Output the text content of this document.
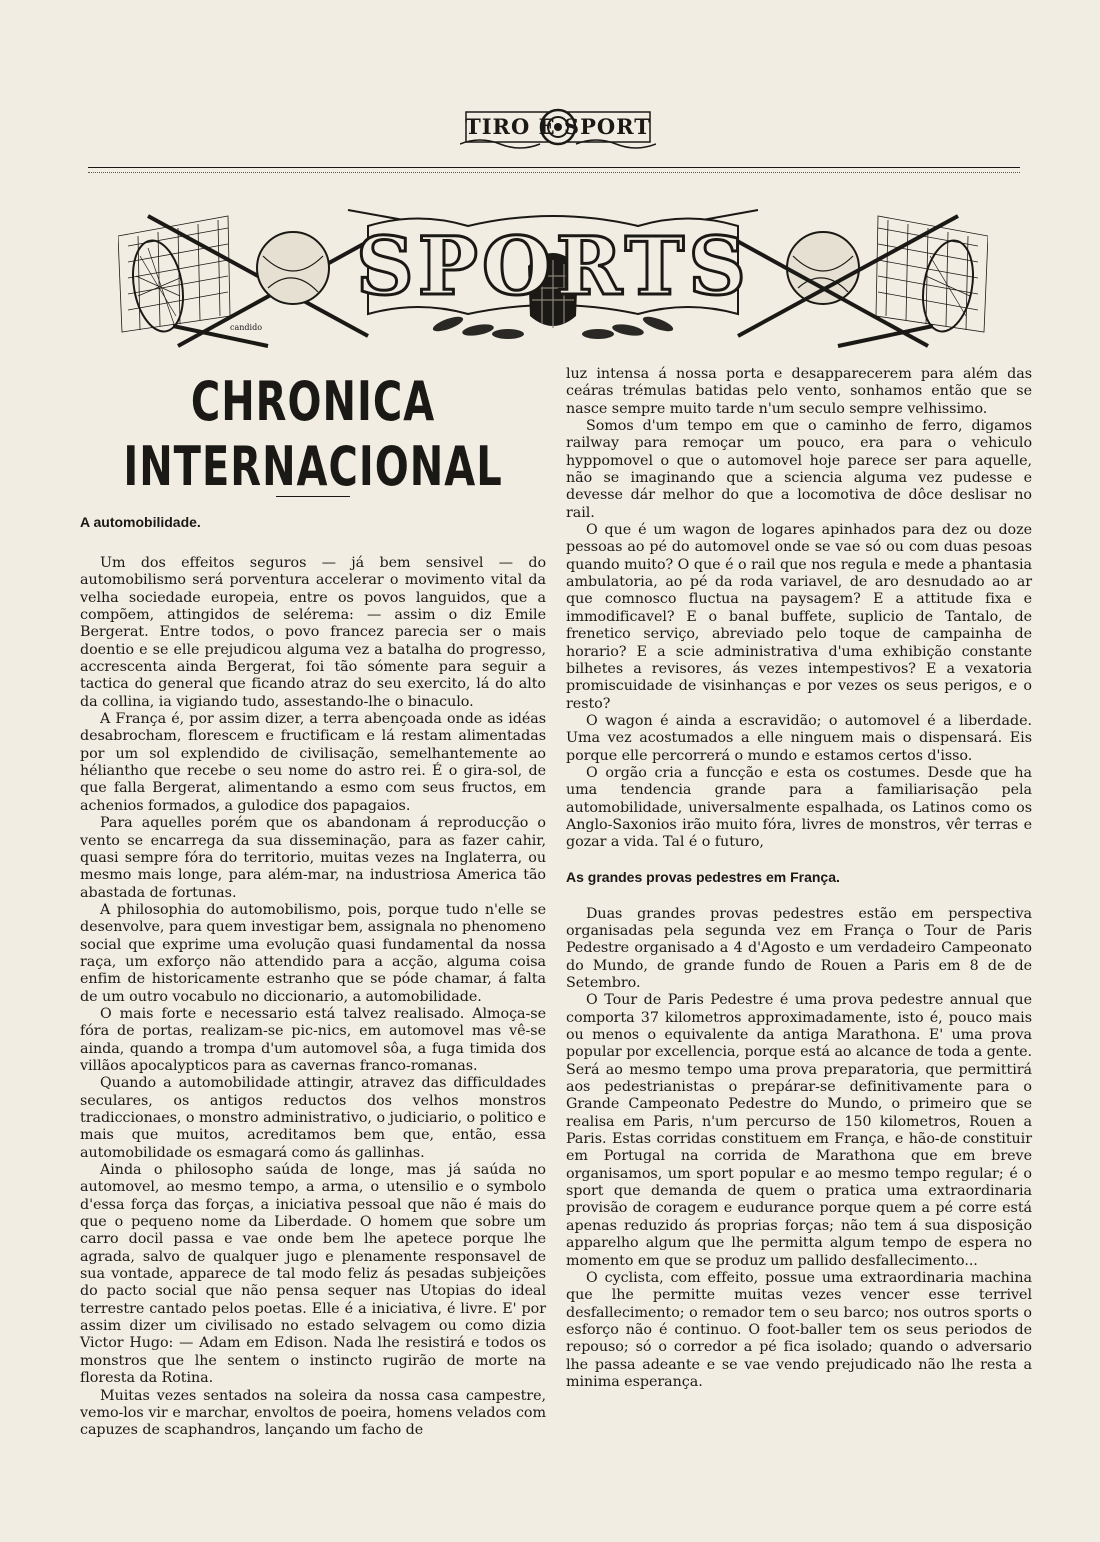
TIRO E SPORT
SPORTS
candido
CHRONICA INTERNACIONAL
A automobilidade.

Um dos effeitos seguros — já bem sensivel — do automobilismo será porventura accelerar o movimento vital da velha sociedade europeia, entre os povos languidos, que a compõem, attingidos de selérema: — assim o diz Emile Bergerat. Entre todos, o povo francez parecia ser o mais doentio e se elle prejudicou alguma vez a batalha do progresso, accrescenta ainda Bergerat, foi tão sómente para seguir a tactica do general que ficando atraz do seu exercito, lá do alto da collina, ia vigiando tudo, assestando-lhe o binaculo.

A França é, por assim dizer, a terra abençoada onde as idéas desabrocham, florescem e fructificam e lá restam alimentadas por um sol explendido de civilisação, semelhantemente ao hélianthо que recebe o seu nome do astro rei. É o gira-sol, de que falla Bergerat, alimentando a esmo com seus fructos, em achenios formados, a gulodice dos papagaios.

Para aquelles porém que os abandonam á reproducção o vento se encarrega da sua disseminação, para as fazer cahir, quasi sempre fóra do territorio, muitas vezes na Inglaterra, ou mesmo mais longe, para além-mar, na industriosa America tão abastada de fortunas.

A philosophia do automobilismo, pois, porque tudo n'elle se desenvolve, para quem investigar bem, assignala no phenomeno social que exprime uma evolução quasi fundamental da nossa raça, um exforço não attendido para a acção, alguma coisa enfim de historicamente estranho que se póde chamar, á falta de um outro vocabulo no diccionario, a automobilidade.

O mais forte e necessario está talvez realisado. Almoça-se fóra de portas, realizam-se pic-nics, em automovel mas vê-se ainda, quando a trompa d'um automovel sôa, a fuga timida dos villãos apocalypticos para as cavernas franco-romanas.

Quando a automobilidade attingir, atravez das difficuldades seculares, os antigos reductos dos velhos monstros tradiccionaes, o monstro administrativo, o judiciario, o politico e mais que muitos, acreditamos bem que, então, essa automobilidade os esmagará como ás gallinhas.

Ainda o philosopho saúda de longe, mas já saúda no automovel, ao mesmo tempo, a arma, o utensilio e o symbolo d'essa força das forças, a iniciativa pessoal que não é mais do que o pequeno nome da Liberdade. O homem que sobre um carro docil passa e vae onde bem lhe apetece porque lhe agrada, salvo de qualquer jugo e plenamente responsavel de sua vontade, apparece de tal modo feliz ás pesadas subjeições do pacto social que não pensa sequer nas Utopias do ideal terrestre cantado pelos poetas. Elle é a iniciativa, é livre. E' por assim dizer um civilisado no estado selvagem ou como dizia Victor Hugo: — Adam em Edison. Nada lhe resistirá e todos os monstros que lhe sentem o instincto rugirão de morte na floresta da Rotina.

Muitas vezes sentados na soleira da nossa casa campestre, vemo-los vir e marchar, envoltos de poeira, homens velados com capuzes de scaphandros, lançando um facho de

luz intensa á nossa porta e desapparecerem para além das ceáras trémulas batidas pelo vento, sonhamos então que se nasce sempre muito tarde n'um seculo sempre velhissimo.

Somos d'um tempo em que o caminho de ferro, digamos railway para remoçar um pouco, era para o vehiculo hyppomovel o que o automovel hoje parece ser para aquelle, não se imaginando que a sciencia alguma vez pudesse e devesse dár melhor do que a locomotiva de dôce deslisar no rail.

O que é um wagon de logares apinhados para dez ou doze pessoas ao pé do automovel onde se vae só ou com duas pesoas quando muito? O que é o rail que nos regula e mede a phantasia ambulatoria, ao pé da roda variavel, de aro desnudado ao ar que comnosco fluctua na paysagem? E a attitude fixa e immodificavel? E o banal buffete, suplicio de Tantalo, de frenetico serviço, abreviado pelo toque de campainha de horario? E a scie administrativa d'uma exhibição constante bilhetes a revisores, ás vezes intempestivos? E a vexatoria promiscuidade de visinhanças e por vezes os seus perigos, e o resto?

O wagon é ainda a escravidão; o automovel é a liberdade. Uma vez acostumados a elle ninguem mais o dispensará. Eis porque elle percorrerá o mundo e estamos certos d'isso.

O orgão cria a funcção e esta os costumes. Desde que ha uma tendencia grande para a familiarisação pela automobilidade, universalmente espalhada, os Latinos como os Anglo-Saxonios irão muito fóra, livres de monstros, vêr terras e gozar a vida. Tal é o futuro,

As grandes provas pedestres em França.

Duas grandes provas pedestres estão em perspectiva organisadas pela segunda vez em França o Tour de Paris Pedestre organisado a 4 d'Agosto e um verdadeiro Campeonato do Mundo, de grande fundo de Rouen a Paris em 8 de de Setembro.

O Tour de Paris Pedestre é uma prova pedestre annual que comporta 37 kilometros approximadamente, isto é, pouco mais ou menos o equivalente da antiga Marathona. E' uma prova popular por excellencia, porque está ao alcance de toda a gente. Será ao mesmo tempo uma prova preparatoria, que permittirá aos pedestrianistas o prepárar-se definitivamente para o Grande Campeonato Pedestre do Mundo, o primeiro que se realisa em Paris, n'um percurso de 150 kilometros, Rouen a Paris. Estas corridas constituem em França, e hão-de constituir em Portugal na corrida de Marathona que em breve organisamos, um sport popular e ao mesmo tempo regular; é o sport que demanda de quem o pratica uma extraordinaria provisão de coragem e eudurance porque quem a pé corre está apenas reduzido ás proprias forças; não tem á sua disposição apparelho algum que lhe permitta algum tempo de espera no momento em que se produz um pallido desfallecimento...

O cyclista, com effeito, possue uma extraordinaria machina que lhe permitte muitas vezes vencer esse terrivel desfallecimento; o remador tem o seu barco; nos outros sports o esforço não é continuo. O foot-baller tem os seus periodos de repouso; só o corredor a pé fica isolado; quando o adversario lhe passa adeante e se vae vendo prejudicado não lhe resta a minima esperança.
